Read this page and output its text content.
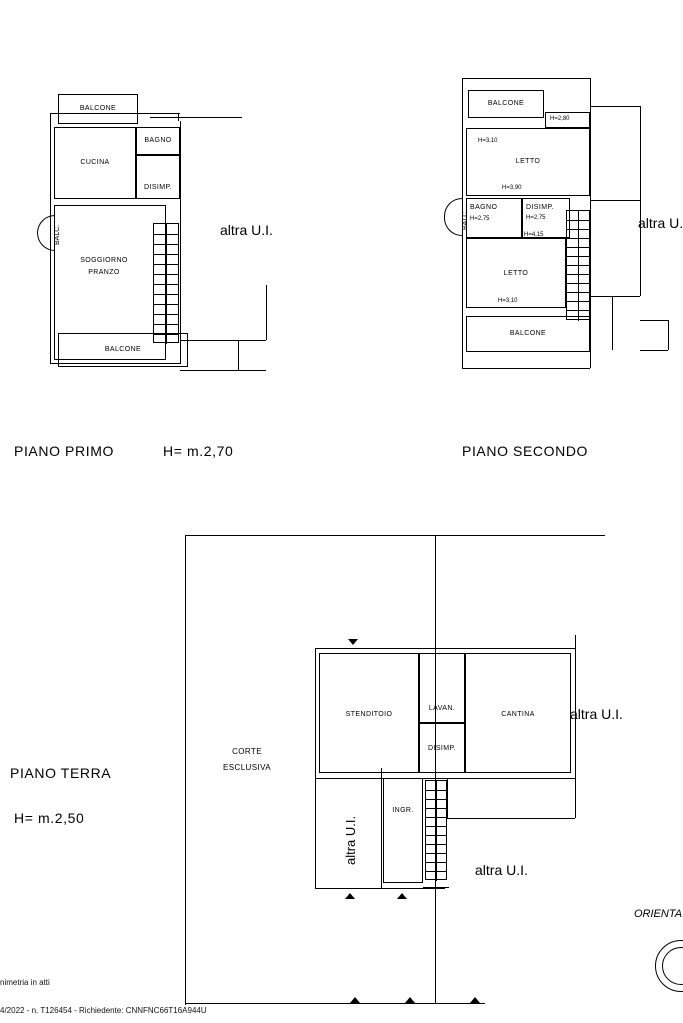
BALCONE
BAGNO
CUCINA
DISIMP.
BALC.
SOGGIORNO
PRANZO
BALCONE
altra U.I.
PIANO PRIMO	H= m.2,70
BALCONE
H=2,80
H=3,10
LETTO
H=3,90
BALC.
BAGNO
H=2,75
DISIMP.
H=2,75
H=4,15
LETTO
H=3,10
BALCONE
altra U.
PIANO SECONDO
CORTE
ESCLUSIVA
STENDITOIO
LAVAN.
CANTINA
DISIMP.
altra U.I.
INGR.
altra U.I.
altra U.I.
PIANO TERRA
H= m.2,50
ORIENTA
nimetria in atti
4/2022 - n. T126454 - Richiedente: CNNFNC66T16A944U
